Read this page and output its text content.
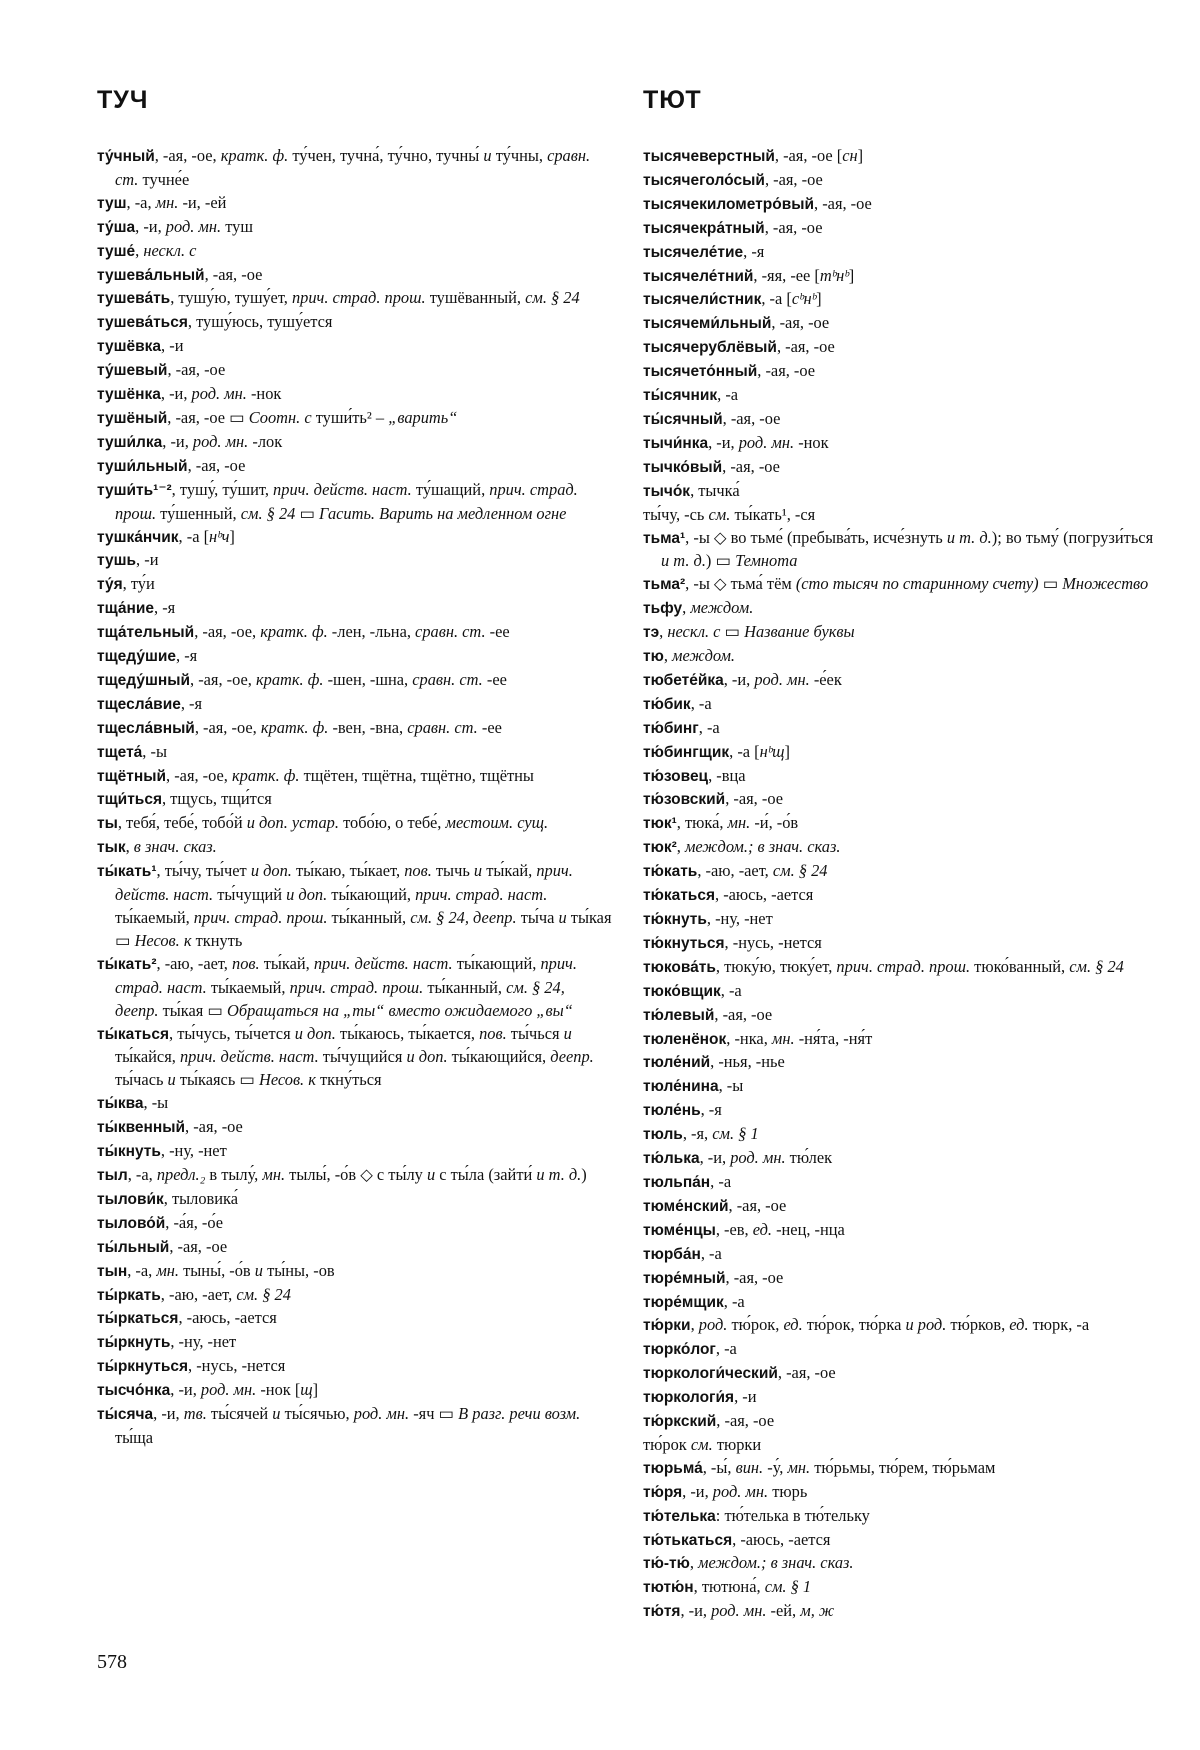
ТУЧ	ТЮТ
ту́чный, -ая, -ое, кратк. ф. ту́чен, тучна́, ту́чно, тучны́ и ту́чны, сравн. ст. тучне́е
туш, -а, мн. -и, -ей
ту́ша, -и, род. мн. туш
туше́, нескл. с
тушева́льный, -ая, -ое
тушева́ть, тушу́ю, тушу́ет, прич. страд. прош. тушёванный, см. § 24
тушева́ться, тушу́юсь, тушу́ется
тушёвка, -и
ту́шевый, -ая, -ое
тушёнка, -и, род. мн. -нок
тушёный, -ая, -ое ▭ Соотн. с туши́ть² – „варить“
туши́лка, -и, род. мн. -лок
туши́льный, -ая, -ое
туши́ть¹⁻², тушу́, ту́шит, прич. действ. наст. ту́шащий, прич. страд. прош. ту́шенный, см. § 24 ▭ Гасить. Варить на медленном огне
тушка́нчик, -а [нᵇч]
тушь, -и
ту́я, ту́и
тща́ние, -я
тща́тельный, -ая, -ое, кратк. ф. -лен, -льна, сравн. ст. -ее
тщеду́шие, -я
тщеду́шный, -ая, -ое, кратк. ф. -шен, -шна, сравн. ст. -ее
тщесла́вие, -я
тщесла́вный, -ая, -ое, кратк. ф. -вен, -вна, сравн. ст. -ее
тщета́, -ы
тщётный, -ая, -ое, кратк. ф. тщётен, тщётна, тщётно, тщётны
тщи́ться, тщусь, тщи́тся
ты, тебя́, тебе́, тобо́й и доп. устар. тобо́ю, о тебе́, местоим. сущ.
тык, в знач. сказ.
ты́кать¹, ты́чу, ты́чет и доп. ты́каю, ты́кает, пов. тычь и ты́кай, прич. действ. наст. ты́чущий и доп. ты́кающий, прич. страд. наст. ты́каемый, прич. страд. прош. ты́канный, см. § 24, деепр. ты́ча и ты́кая ▭ Несов. к ткнуть
ты́кать², -аю, -ает, пов. ты́кай, прич. действ. наст. ты́кающий, прич. страд. наст. ты́каемый, прич. страд. прош. ты́канный, см. § 24, деепр. ты́кая ▭ Обращаться на „ты“ вместо ожидаемого „вы“
ты́каться, ты́чусь, ты́чется и доп. ты́каюсь, ты́кается, пов. ты́чься и ты́кайся, прич. действ. наст. ты́чущийся и доп. ты́кающийся, деепр. ты́чась и ты́каясь ▭ Несов. к ткну́ться
ты́ква, -ы
ты́квенный, -ая, -ое
ты́кнуть, -ну, -нет
тыл, -а, предл.₂ в тылу́, мн. тылы́, -о́в ◇ с ты́лу и с ты́ла (зайти́ и т. д.)
тылови́к, тыловика́
тылово́й, -а́я, -о́е
ты́льный, -ая, -ое
тын, -а, мн. тыны́, -о́в и ты́ны, -ов
ты́ркать, -аю, -ает, см. § 24
ты́ркаться, -аюсь, -ается
ты́ркнуть, -ну, -нет
ты́ркнуться, -нусь, -нется
тысчо́нка, -и, род. мн. -нок [щ]
ты́сяча, -и, тв. ты́сячей и ты́сячью, род. мн. -яч ▭ В разг. речи возм. ты́ща
тысячеверстный, -ая, -ое [сн]
тысячеголо́сый, -ая, -ое
тысячекилометро́вый, -ая, -ое
тысячекра́тный, -ая, -ое
тысячеле́тие, -я
тысячеле́тний, -яя, -ее [тᵇнᵇ]
тысячели́стник, -а [сᵇнᵇ]
тысячеми́льный, -ая, -ое
тысячерублёвый, -ая, -ое
тысячето́нный, -ая, -ое
ты́сячник, -а
ты́сячный, -ая, -ое
тычи́нка, -и, род. мн. -нок
тычко́вый, -ая, -ое
тычо́к, тычка́
ты́чу, -сь см. ты́кать¹, -ся
тьма¹, -ы ◇ во тьме́ (пребыва́ть, исче́знуть и т. д.); во тьму́ (погрузи́ться и т. д.) ▭ Темнота
тьма², -ы ◇ тьма́ тём (сто тысяч по старинному счету) ▭ Множество
тьфу, междом.
тэ, нескл. с ▭ Название буквы
тю, междом.
тюбете́йка, -и, род. мн. -е́ек
тю́бик, -а
тю́бинг, -а
тю́бингщик, -а [нᵇщ]
тю́зовец, -вца
тю́зовский, -ая, -ое
тюк¹, тюка́, мн. -и́, -о́в
тюк², междом.; в знач. сказ.
тю́кать, -аю, -ает, см. § 24
тю́каться, -аюсь, -ается
тю́кнуть, -ну, -нет
тю́кнуться, -нусь, -нется
тюкова́ть, тюку́ю, тюку́ет, прич. страд. прош. тюко́ванный, см. § 24
тюко́вщик, -а
тю́левый, -ая, -ое
тюленёнок, -нка, мн. -ня́та, -ня́т
тюле́ний, -нья, -нье
тюле́нина, -ы
тюле́нь, -я
тюль, -я, см. § 1
тю́лька, -и, род. мн. тю́лек
тюльпа́н, -а
тюме́нский, -ая, -ое
тюме́нцы, -ев, ед. -нец, -нца
тюрба́н, -а
тюре́мный, -ая, -ое
тюре́мщик, -а
тю́рки, род. тю́рок, ед. тю́рок, тю́рка и род. тю́рков, ед. тюрк, -а
тюрко́лог, -а
тюркологи́ческий, -ая, -ое
тюркологи́я, -и
тю́ркский, -ая, -ое
тю́рок см. тюрки
тюрьма́, -ы́, вин. -у́, мн. тю́рьмы, тю́рем, тю́рьмам
тю́ря, -и, род. мн. тюрь
тю́телька: тю́телька в тю́тельку
тю́тькаться, -аюсь, -ается
тю́-тю́, междом.; в знач. сказ.
тютю́н, тютюна́, см. § 1
тю́тя, -и, род. мн. -ей, м, ж
578
